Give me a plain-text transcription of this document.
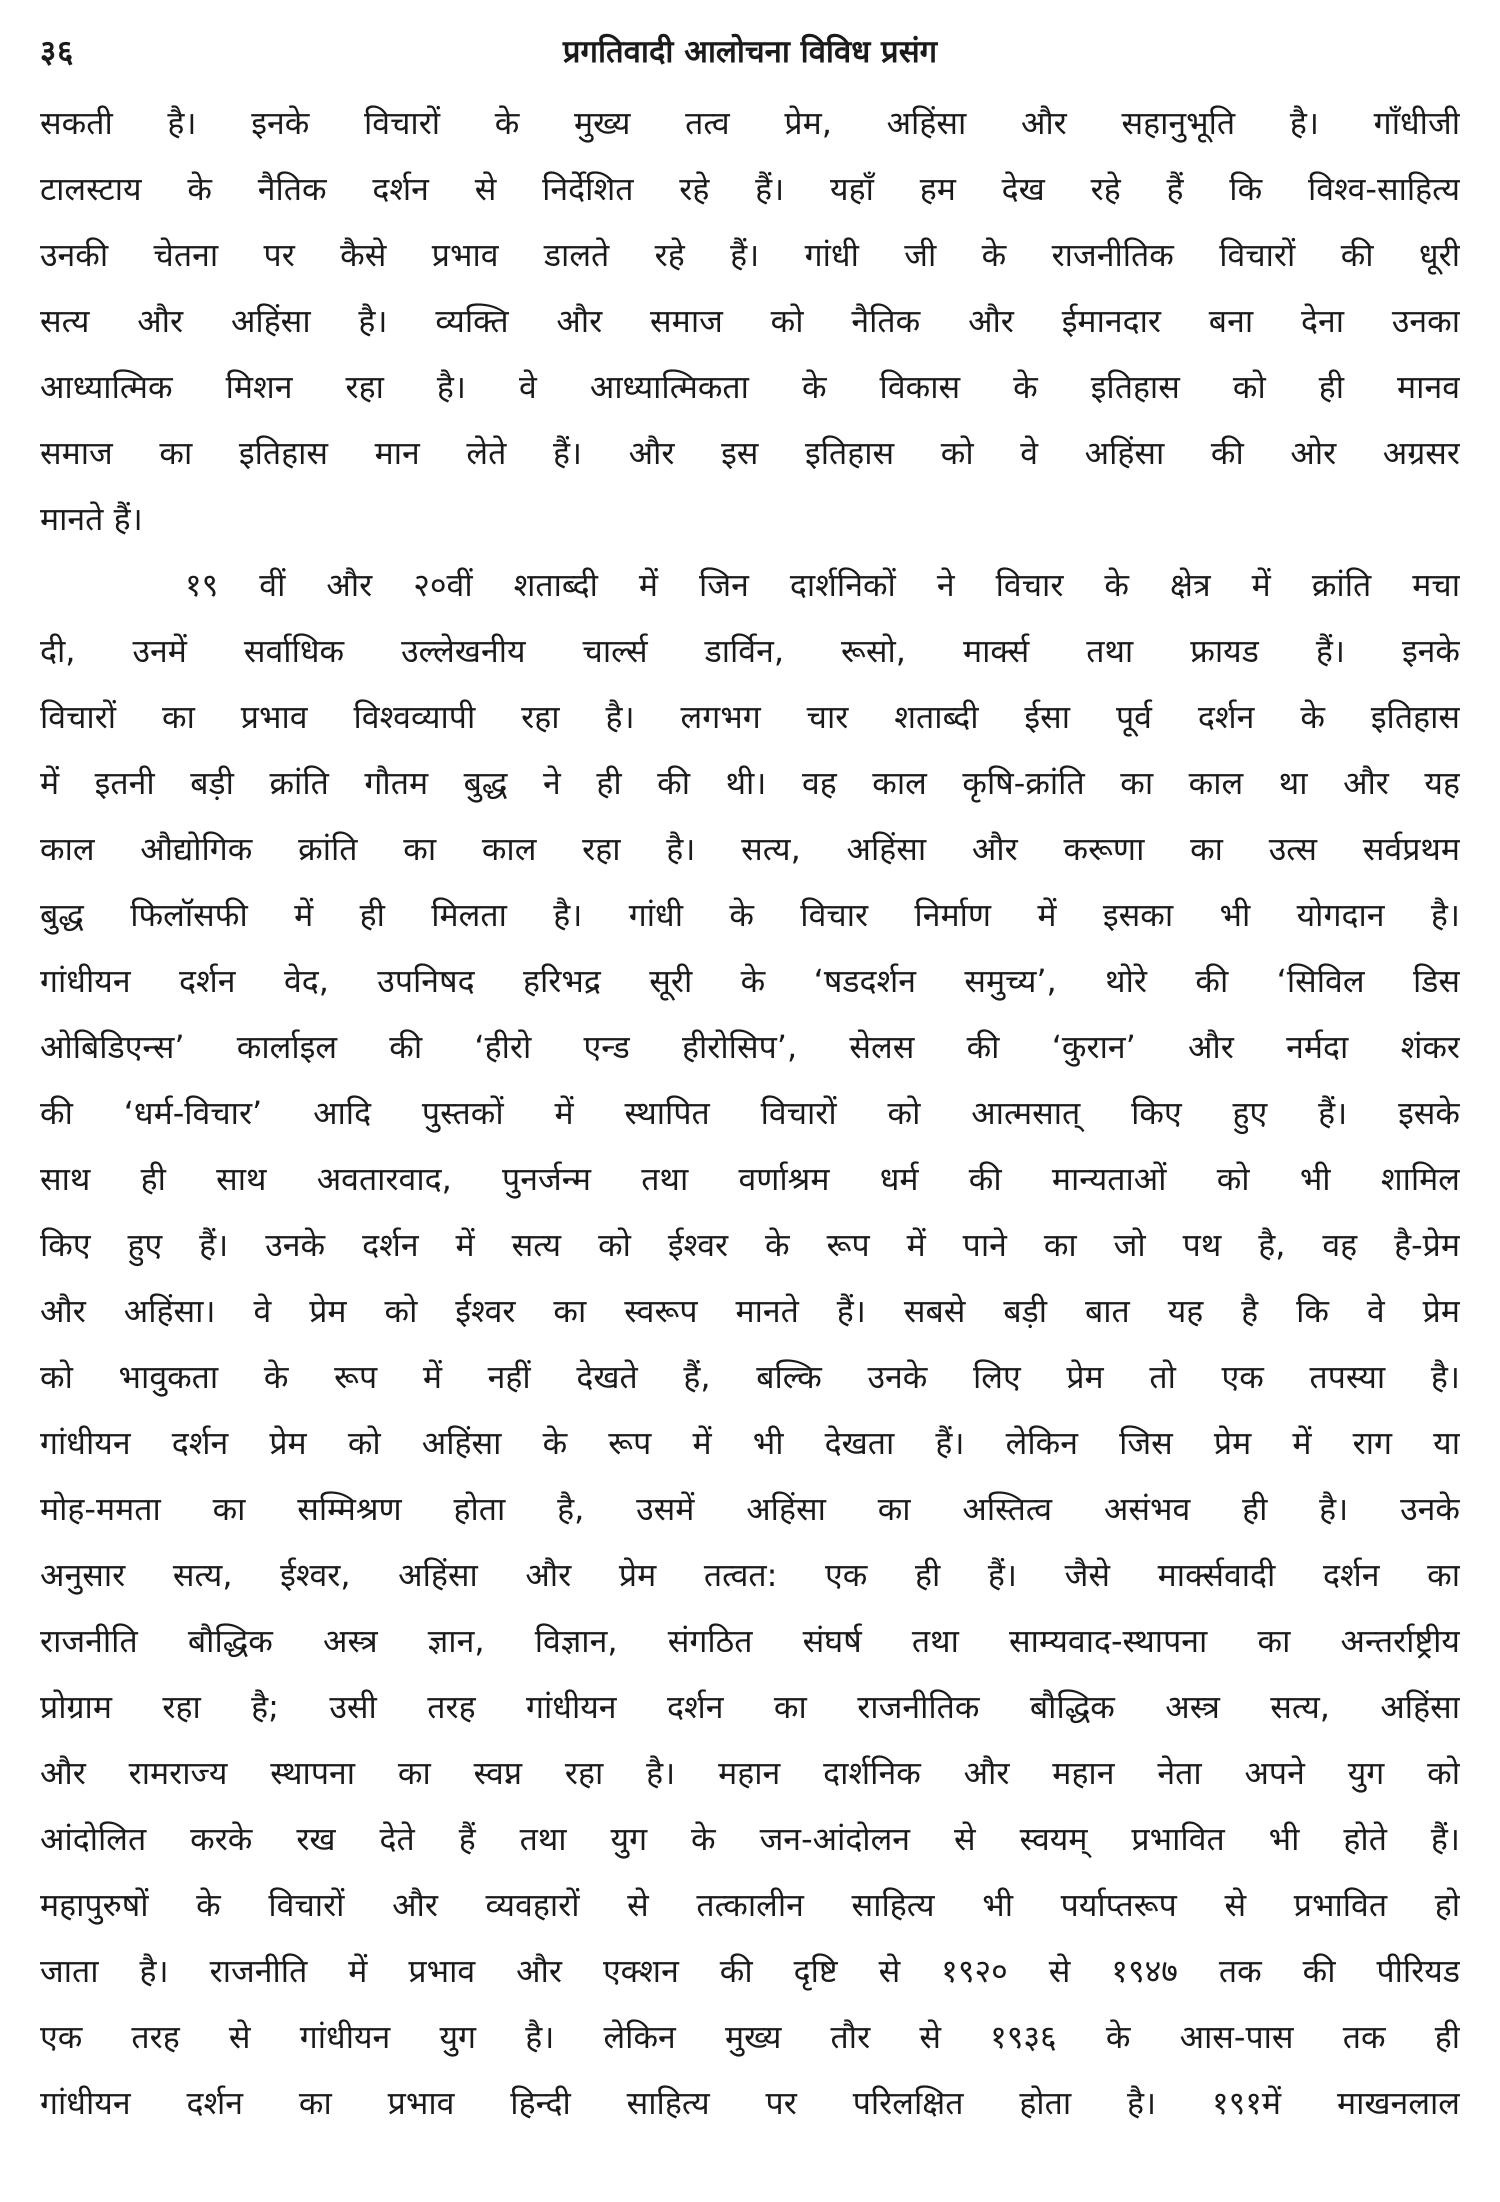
३६	प्रगतिवादी आलोचना विविध प्रसंग
सकती है। इनके विचारों के मुख्य तत्व प्रेम, अहिंसा और सहानुभूति है। गाँधीजी
टालस्टाय के नैतिक दर्शन से निर्देशित रहे हैं। यहाँ हम देख रहे हैं कि विश्व-साहित्य
उनकी चेतना पर कैसे प्रभाव डालते रहे हैं। गांधी जी के राजनीतिक विचारों की धूरी
सत्य और अहिंसा है। व्यक्ति और समाज को नैतिक और ईमानदार बना देना उनका
आध्यात्मिक मिशन रहा है। वे आध्यात्मिकता के विकास के इतिहास को ही मानव
समाज का इतिहास मान लेते हैं। और इस इतिहास को वे अहिंसा की ओर अग्रसर
मानते हैं।
१९ वीं और २०वीं शताब्दी में जिन दार्शनिकों ने विचार के क्षेत्र में क्रांति मचा
दी, उनमें सर्वाधिक उल्लेखनीय चार्ल्स डार्विन, रूसो, मार्क्स तथा फ्रायड हैं। इनके
विचारों का प्रभाव विश्वव्यापी रहा है। लगभग चार शताब्दी ईसा पूर्व दर्शन के इतिहास
में इतनी बड़ी क्रांति गौतम बुद्ध ने ही की थी। वह काल कृषि-क्रांति का काल था और यह
काल औद्योगिक क्रांति का काल रहा है। सत्य, अहिंसा और करूणा का उत्स सर्वप्रथम
बुद्ध फिलॉसफी में ही मिलता है। गांधी के विचार निर्माण में इसका भी योगदान है।
गांधीयन दर्शन वेद, उपनिषद हरिभद्र सूरी के ‘षडदर्शन समुच्य’, थोरे की ‘सिविल डिस
ओबिडिएन्स’ कार्लाइल की ‘हीरो एन्ड हीरोसिप’, सेलस की ‘कुरान’ और नर्मदा शंकर
की ‘धर्म-विचार’ आदि पुस्तकों में स्थापित विचारों को आत्मसात् किए हुए हैं। इसके
साथ ही साथ अवतारवाद, पुनर्जन्म तथा वर्णाश्रम धर्म की मान्यताओं को भी शामिल
किए हुए हैं। उनके दर्शन में सत्य को ईश्वर के रूप में पाने का जो पथ है, वह है-प्रेम
और अहिंसा। वे प्रेम को ईश्वर का स्वरूप मानते हैं। सबसे बड़ी बात यह है कि वे प्रेम
को भावुकता के रूप में नहीं देखते हैं, बल्कि उनके लिए प्रेम तो एक तपस्या है।
गांधीयन दर्शन प्रेम को अहिंसा के रूप में भी देखता हैं। लेकिन जिस प्रेम में राग या
मोह-ममता का सम्मिश्रण होता है, उसमें अहिंसा का अस्तित्व असंभव ही है। उनके
अनुसार सत्य, ईश्वर, अहिंसा और प्रेम तत्वत: एक ही हैं। जैसे मार्क्सवादी दर्शन का
राजनीति बौद्धिक अस्त्र ज्ञान, विज्ञान, संगठित संघर्ष तथा साम्यवाद-स्थापना का अन्तर्राष्ट्रीय
प्रोग्राम रहा है; उसी तरह गांधीयन दर्शन का राजनीतिक बौद्धिक अस्त्र सत्य, अहिंसा
और रामराज्य स्थापना का स्वप्न रहा है। महान दार्शनिक और महान नेता अपने युग को
आंदोलित करके रख देते हैं तथा युग के जन-आंदोलन से स्वयम् प्रभावित भी होते हैं।
महापुरुषों के विचारों और व्यवहारों से तत्कालीन साहित्य भी पर्याप्तरूप से प्रभावित हो
जाता है। राजनीति में प्रभाव और एक्शन की दृष्टि से १९२० से १९४७ तक की पीरियड
एक तरह से गांधीयन युग है। लेकिन मुख्य तौर से १९३६ के आस-पास तक ही
गांधीयन दर्शन का प्रभाव हिन्दी साहित्य पर परिलक्षित होता है। १९१में माखनलाल
